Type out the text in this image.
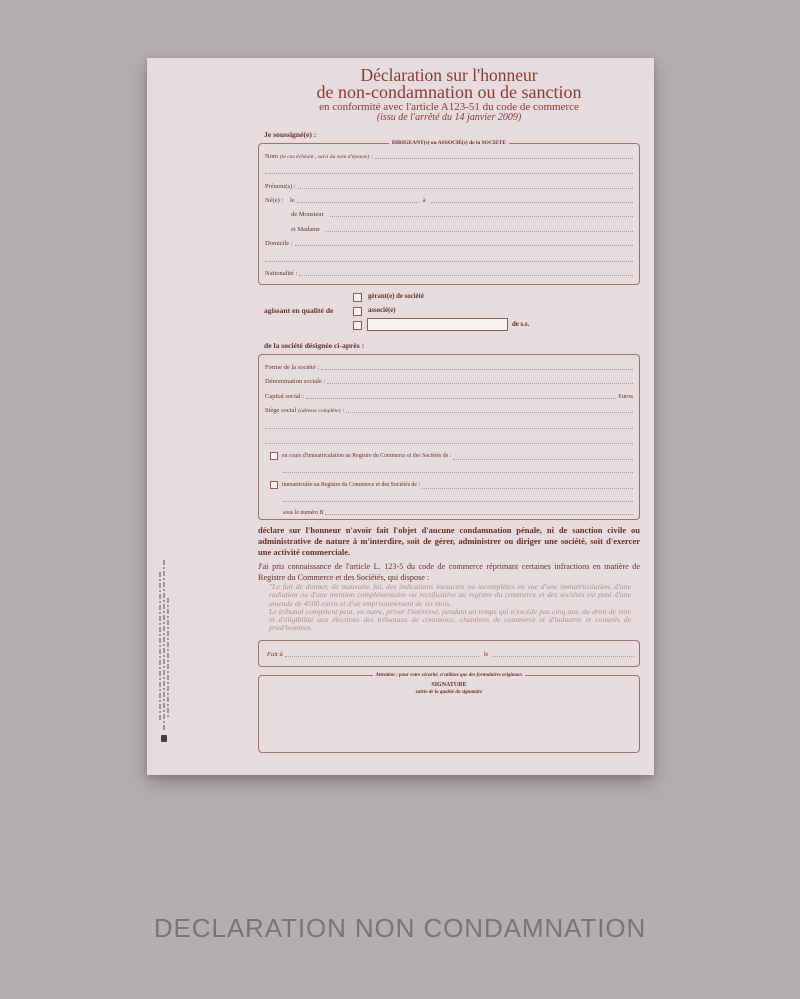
Déclaration sur l'honneur
de non-condamnation ou de sanction
en conformité avec l'article A123-51 du code de commerce
(issu de l'arrêté du 14 janvier 2009)
Je soussigné(e) :
DIRIGEANT(s) ou ASSOCIÉ(s) de la SOCIETE
Nom (le cas échéant , suivi du nom d'épouse) :
Prénom(s) :
Né(e) :	le	à
de Monsieur
et Madame
Domicile :
Nationalité :
agissant en qualité de
gérant(e) de société
associé(e)
de s.s.
de la société désignée ci-après :
Forme de la société :
Dénomination sociale :
Capital social :	€uros
Siège social (adresse complète) :
en cours d'immatriculation au Registre du Commerce et des Sociétés de :
immatriculée au Registre du Commerce et des Sociétés de :
sous le numéro B
déclare sur l'honneur n'avoir fait l'objet d'aucune condamnation pénale, ni de sanction civile ou administrative de nature à m'interdire, soit de gérer, administrer ou diriger une société, soit d'exercer une activité commerciale.
J'ai pris connaissance de l'article L. 123-5 du code de commerce réprimant certaines infractions en matière de Registre du Commerce et des Sociétés, qui dispose :

"Le fait de donner, de mauvaise foi, des indications inexactes ou incomplètes en vue d'une immatriculation, d'une radiation ou d'une mention complémentaire ou rectificative au registre du commerce et des sociétés est puni d'une amende de 4500 euros et d'un emprisonnement de six mois.

Le tribunal compétent peut, en outre, priver l'intéressé, pendant un temps qui n'excède pas cinq ans, du droit de vote et d'éligibilité aux élections des tribunaux de commerce, chambres de commerce et d'industrie et conseils de prud'hommes.

Fait à	le
Attention : pour votre sécurité, n'utilisez que des formulaires originaux
SIGNATURE
suivie de la qualité du signataire
DECLARATION NON CONDAMNATION
